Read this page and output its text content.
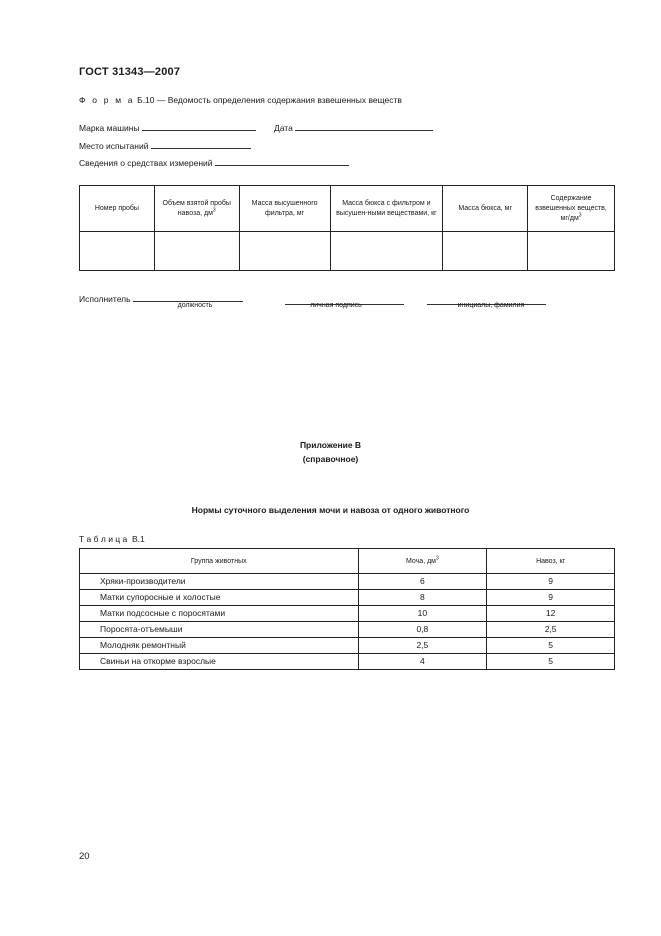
ГОСТ 31343—2007
Ф о р м а Б.10 — Ведомость определения содержания взвешенных веществ
Марка машины	Дата
Место испытаний
Сведения о средствах измерений
Номер пробы	Объем взятой пробы навоза, $дм^3$	Масса высушенного фильтра, мг	Масса бюкса с фильтром и высушен-ными веществами, кг	Масса бюкса, мг	Содержание взвешенных веществ, $мг/дм^3$

Исполнитель
должность	личная подпись	инициалы, фамилия
Приложение В
(справочное)
Нормы суточного выделения мочи и навоза от одного животного
Т а б л и ц а  В.1
Группа животных	Моча, $дм^3$	Навоз, кг
Хряки-производители	6	9
Матки супоросные и холостые	8	9
Матки подсосные с поросятами	10	12
Поросята-отъемыши	0,8	2,5
Молодняк ремонтный	2,5	5
Свиньи на откорме взрослые	4	5
20
